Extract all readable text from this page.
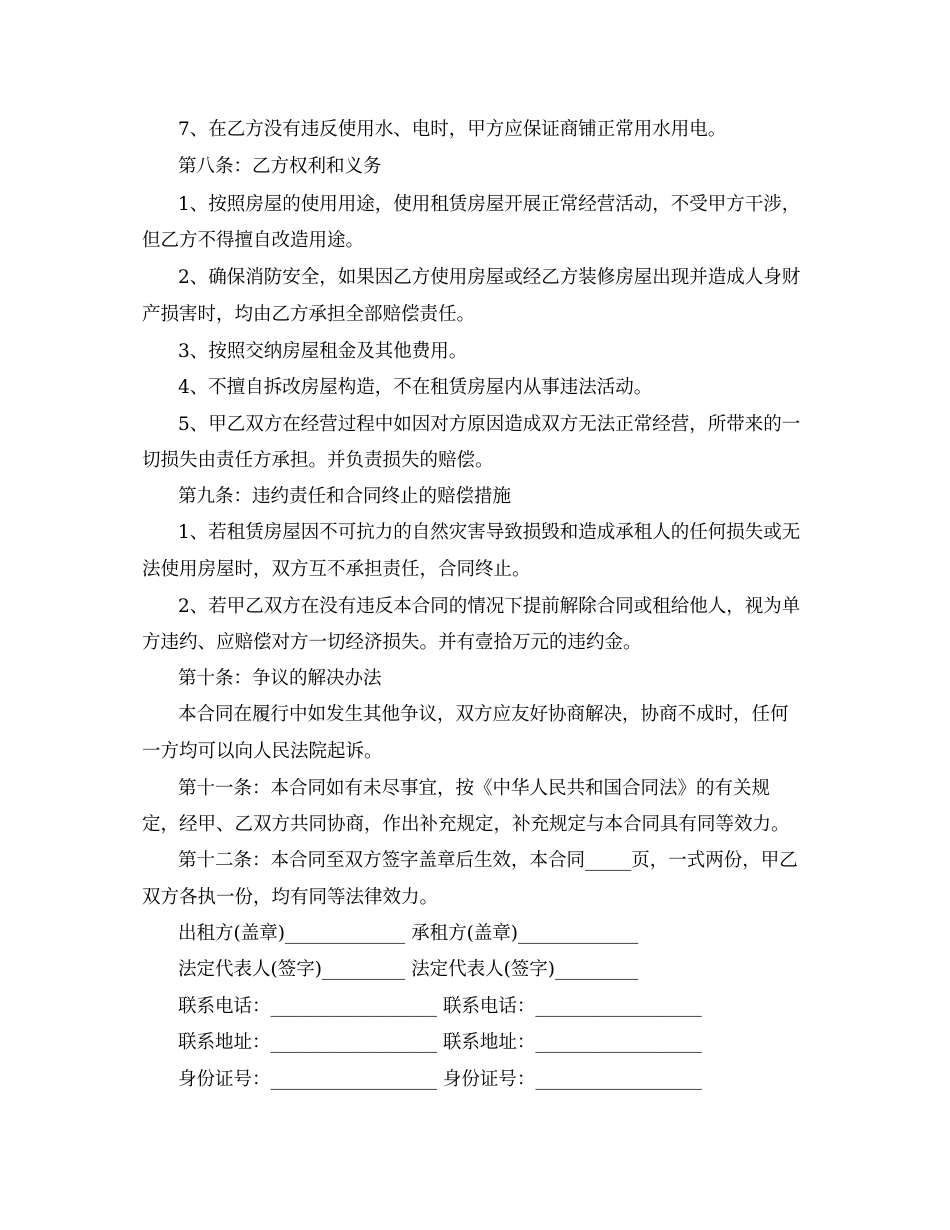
7、在乙方没有违反使用水、电时，甲方应保证商铺正常用水用电。
第八条：乙方权利和义务
1、按照房屋的使用用途，使用租赁房屋开展正常经营活动，不受甲方干涉，
但乙方不得擅自改造用途。
2、确保消防安全，如果因乙方使用房屋或经乙方装修房屋出现并造成人身财
产损害时，均由乙方承担全部赔偿责任。
3、按照交纳房屋租金及其他费用。
4、不擅自拆改房屋构造，不在租赁房屋内从事违法活动。
5、甲乙双方在经营过程中如因对方原因造成双方无法正常经营，所带来的一
切损失由责任方承担。并负责损失的赔偿。
第九条：违约责任和合同终止的赔偿措施
1、若租赁房屋因不可抗力的自然灾害导致损毁和造成承租人的任何损失或无
法使用房屋时，双方互不承担责任，合同终止。
2、若甲乙双方在没有违反本合同的情况下提前解除合同或租给他人，视为单
方违约、应赔偿对方一切经济损失。并有壹拾万元的违约金。
第十条：争议的解决办法
本合同在履行中如发生其他争议，双方应友好协商解决，协商不成时，任何
一方均可以向人民法院起诉。
第十一条：本合同如有未尽事宜，按《中华人民共和国合同法》的有关规
定，经甲、乙双方共同协商，作出补充规定，补充规定与本合同具有同等效力。
第十二条：本合同至双方签字盖章后生效，本合同_____页，一式两份，甲乙
双方各执一份，均有同等法律效力。
出租方(盖章)_____________ 承租方(盖章)_____________
法定代表人(签字)_________ 法定代表人(签字)_________
联系电话：__________________ 联系电话：__________________
联系地址：__________________ 联系地址：__________________
身份证号：__________________ 身份证号：__________________
